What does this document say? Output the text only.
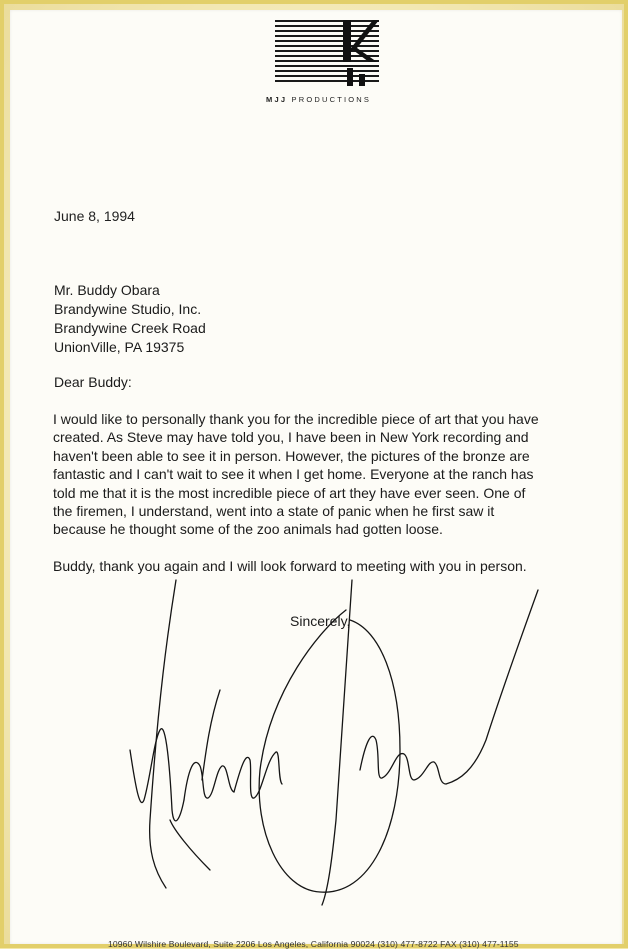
MJJ PRODUCTIONS
June 8, 1994
Mr. Buddy Obara
Brandywine Studio, Inc.
Brandywine Creek Road
UnionVille, PA 19375
Dear Buddy:
I would like to personally thank you for the incredible piece of art that you have
created. As Steve may have told you, I have been in New York recording and
haven't been able to see it in person. However, the pictures of the bronze are
fantastic and I can't wait to see it when I get home. Everyone at the ranch has
told me that it is the most incredible piece of art they have ever seen. One of
the firemen, I understand, went into a state of panic when he first saw it
because he thought some of the zoo animals had gotten loose.
Buddy, thank you again and I will look forward to meeting with you in person.
Sincerely,
10960 Wilshire Boulevard, Suite 2206 Los Angeles, California 90024 (310) 477-8722 FAX (310) 477-1155
